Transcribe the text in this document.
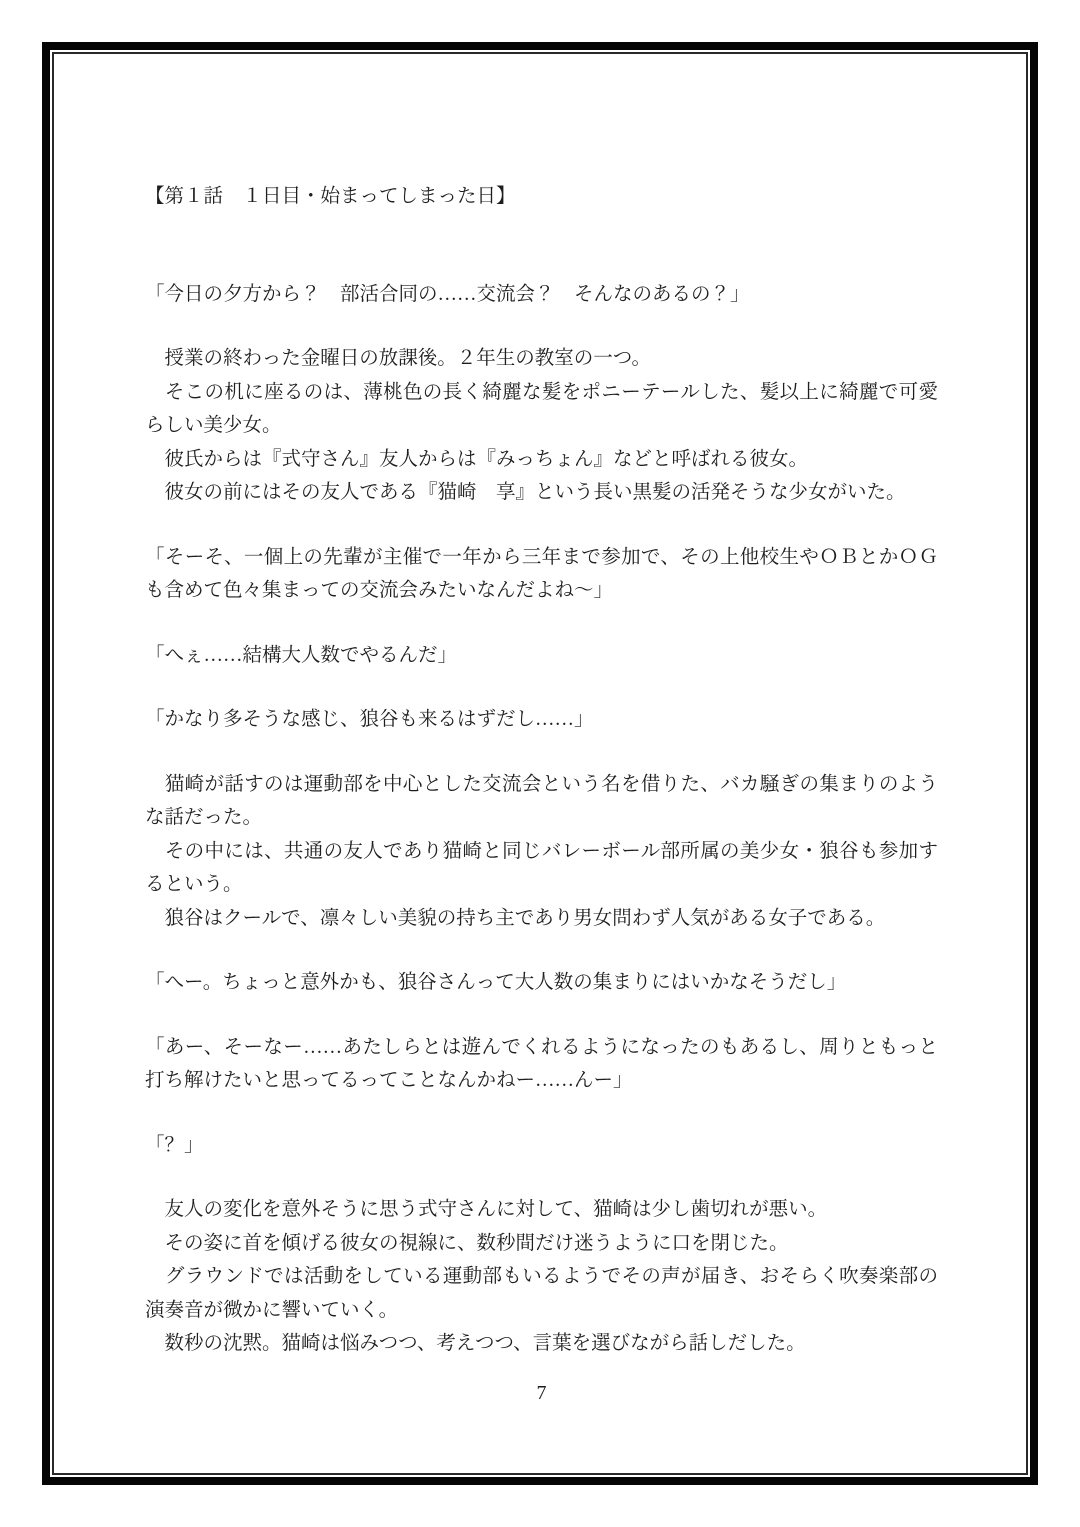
【第１話　１日目・始まってしまった日】

「今日の夕方から？　部活合同の……交流会？　そんなのあるの？」

　授業の終わった金曜日の放課後。２年生の教室の一つ。

　そこの机に座るのは、薄桃色の長く綺麗な髪をポニーテールした、髪以上に綺麗で可愛らしい美少女。

　彼氏からは『式守さん』友人からは『みっちょん』などと呼ばれる彼女。

　彼女の前にはその友人である『猫崎　享』という長い黒髪の活発そうな少女がいた。

「そーそ、一個上の先輩が主催で一年から三年まで参加で、その上他校生やＯＢとかＯＧも含めて色々集まっての交流会みたいなんだよね～」

「へぇ……結構大人数でやるんだ」

「かなり多そうな感じ、狼谷も来るはずだし……」

　猫崎が話すのは運動部を中心とした交流会という名を借りた、バカ騒ぎの集まりのような話だった。

　その中には、共通の友人であり猫崎と同じバレーボール部所属の美少女・狼谷も参加するという。

　狼谷はクールで、凛々しい美貌の持ち主であり男女問わず人気がある女子である。

「へー。ちょっと意外かも、狼谷さんって大人数の集まりにはいかなそうだし」

「あー、そーなー……あたしらとは遊んでくれるようになったのもあるし、周りともっと打ち解けたいと思ってるってことなんかねー……んー」

「？」

　友人の変化を意外そうに思う式守さんに対して、猫崎は少し歯切れが悪い。

　その姿に首を傾げる彼女の視線に、数秒間だけ迷うように口を閉じた。

　グラウンドでは活動をしている運動部もいるようでその声が届き、おそらく吹奏楽部の演奏音が微かに響いていく。

　数秒の沈黙。猫崎は悩みつつ、考えつつ、言葉を選びながら話しだした。

7
